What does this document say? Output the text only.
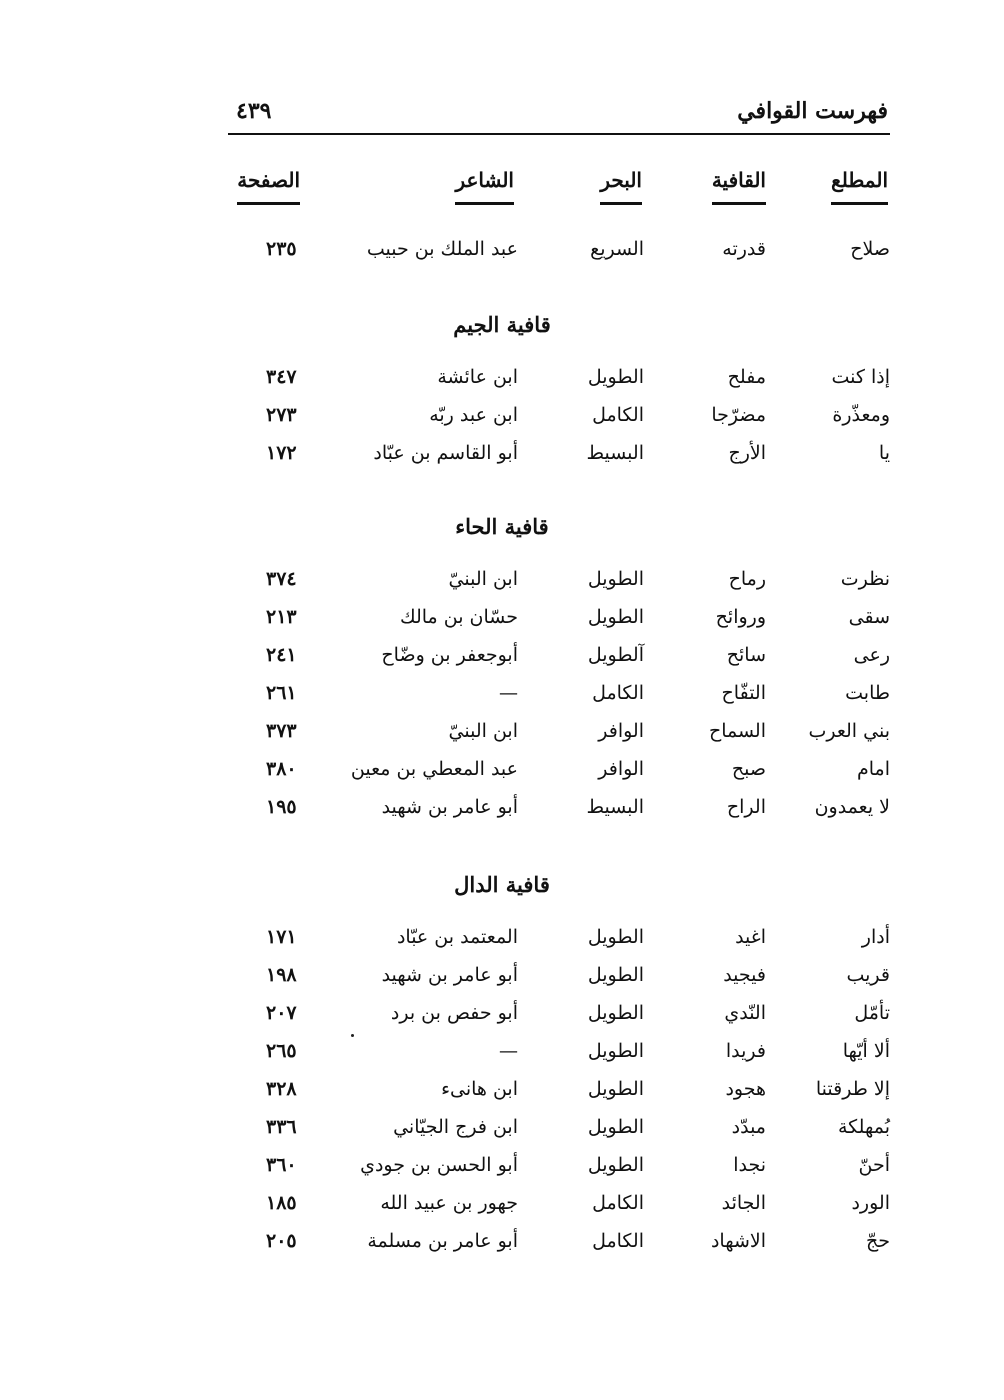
فهرست القوافي
٤٣٩
المطلع
القافية
البحر
الشاعر
الصفحة
صلاح
قدرته
السريع
عبد الملك بن حبيب
٢٣٥
قافية الجيم
إذا كنت
مفلح
الطويل
ابن عائشة
٣٤٧
ومعذّرة
مضرّجا
الكامل
ابن عبد ربّه
٢٧٣
يا
الأرج
البسيط
أبو القاسم بن عبّاد
١٧٢
قافية الحاء
نظرت
رماح
الطويل
ابن البنيّ
٣٧٤
سقى
وروائح
الطويل
حسّان بن مالك
٢١٣
رعى
سائح
آلطويل
أبوجعفر بن وضّاح
٢٤١
طابت
التفّاح
الكامل
—
٢٦١
بني العرب
السماح
الوافر
ابن البنيّ
٣٧٣
امام
صبح
الوافر
عبد المعطي بن معين
٣٨٠
لا يعمدون
الراح
البسيط
أبو عامر بن شهيد
١٩٥
قافية الدال
أدار
اغيد
الطويل
المعتمد بن عبّاد
١٧١
قريب
فيجيد
الطويل
أبو عامر بن شهيد
١٩٨
تأمّل
النّدي
الطويل
أبو حفص بن برد
٢٠٧
ألا أيّها
فريدا
الطويل
—
٢٦٥
إلا طرقتنا
هجود
الطويل
ابن هانىء
٣٢٨
بُمهلكة
مبدّد
الطويل
ابن فرج الجيّاني
٣٣٦
أحنّ
نجدا
الطويل
أبو الحسن بن جودي
٣٦٠
الورد
الجائد
الكامل
جهور بن عبيد الله
١٨٥
حجّ
الاشهاد
الكامل
أبو عامر بن مسلمة
٢٠٥
